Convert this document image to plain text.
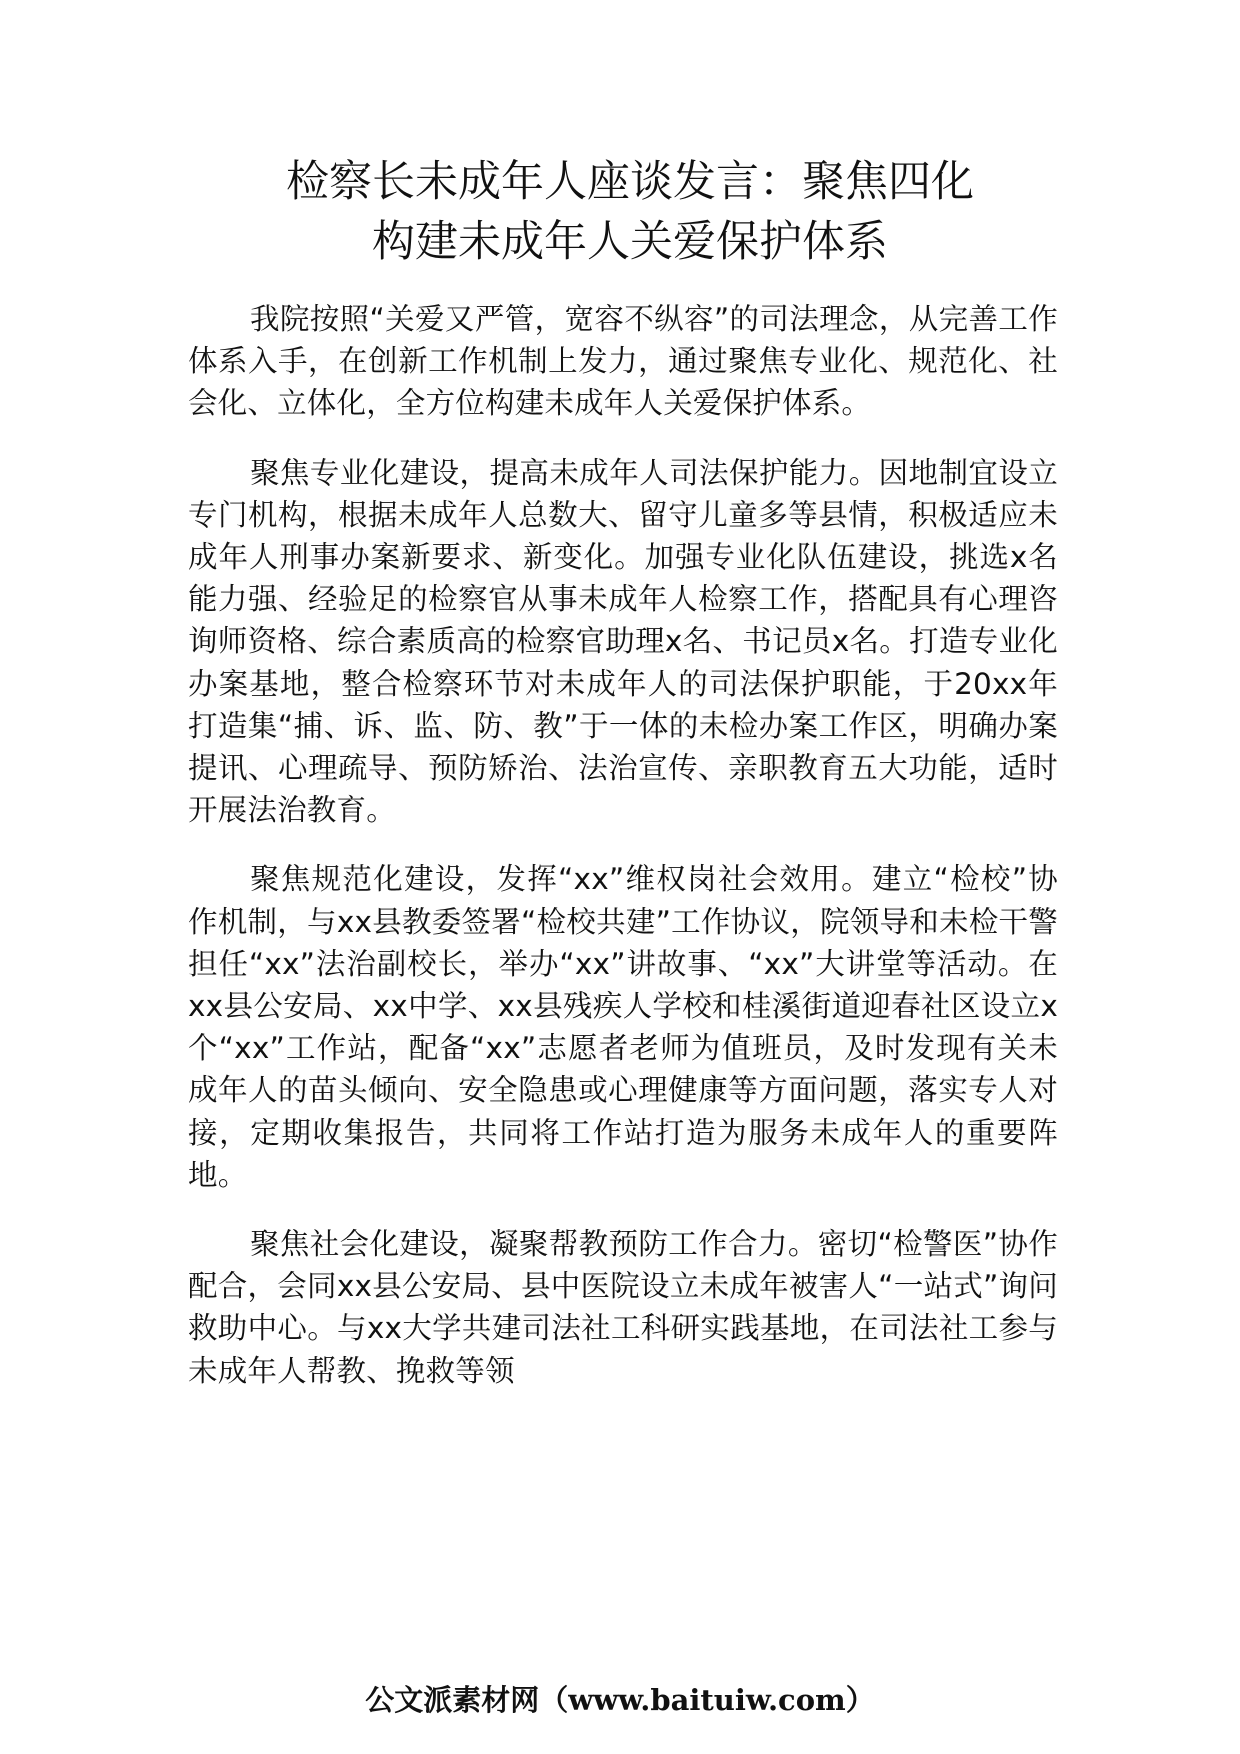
检察长未成年人座谈发言：聚焦四化
构建未成年人关爱保护体系

我院按照“关爱又严管，宽容不纵容”的司法理念，从完善工作体系入手，在创新工作机制上发力，通过聚焦专业化、规范化、社会化、立体化，全方位构建未成年人关爱保护体系。

聚焦专业化建设，提高未成年人司法保护能力。因地制宜设立专门机构，根据未成年人总数大、留守儿童多等县情，积极适应未成年人刑事办案新要求、新变化。加强专业化队伍建设，挑选x名能力强、经验足的检察官从事未成年人检察工作，搭配具有心理咨询师资格、综合素质高的检察官助理x名、书记员x名。打造专业化办案基地，整合检察环节对未成年人的司法保护职能，于20xx年打造集“捕、诉、监、防、教”于一体的未检办案工作区，明确办案提讯、心理疏导、预防矫治、法治宣传、亲职教育五大功能，适时开展法治教育。

聚焦规范化建设，发挥“xx”维权岗社会效用。建立“检校”协作机制，与xx县教委签署“检校共建”工作协议，院领导和未检干警担任“xx”法治副校长，举办“xx”讲故事、“xx”大讲堂等活动。在xx县公安局、xx中学、xx县残疾人学校和桂溪街道迎春社区设立x个“xx”工作站，配备“xx”志愿者老师为值班员，及时发现有关未成年人的苗头倾向、安全隐患或心理健康等方面问题，落实专人对接，定期收集报告，共同将工作站打造为服务未成年人的重要阵地。

聚焦社会化建设，凝聚帮教预防工作合力。密切“检警医”协作配合，会同xx县公安局、县中医院设立未成年被害人“一站式”询问救助中心。与xx大学共建司法社工科研实践基地，在司法社工参与未成年人帮教、挽救等领

公文派素材网（www.baituiw.com）
